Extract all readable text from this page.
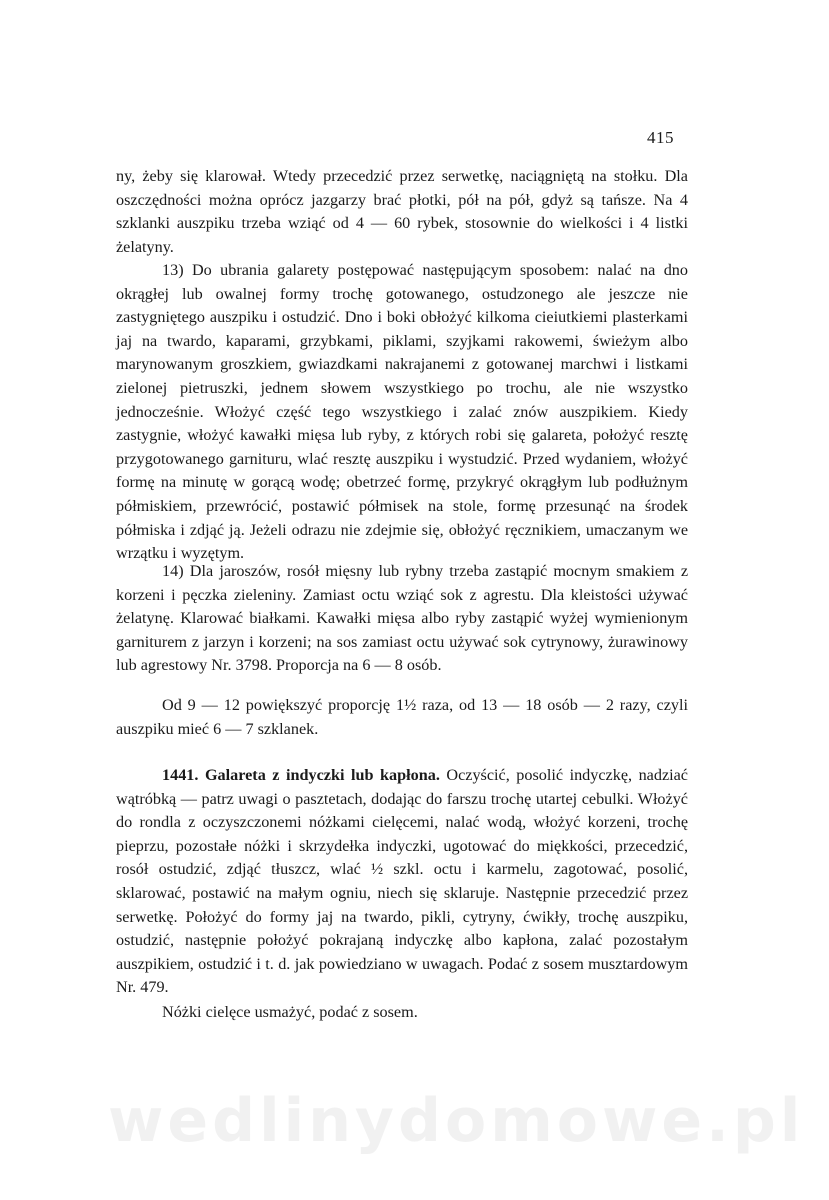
415

ny, żeby się klarował. Wtedy przecedzić przez serwetkę, naciągniętą na stołku. Dla oszczędności można oprócz jazgarzy brać płotki, pół na pół, gdyż są tańsze. Na 4 szklanki auszpiku trzeba wziąć od 4 — 60 rybek, stosownie do wielkości i 4 listki żelatyny.

13) Do ubrania galarety postępować następującym sposobem: nalać na dno okrągłej lub owalnej formy trochę gotowanego, ostudzonego ale jeszcze nie zastygniętego auszpiku i ostudzić. Dno i boki obłożyć kilkoma cieiutkiemi plasterkami jaj na twardo, kaparami, grzybkami, piklami, szyjkami rakowemi, świeżym albo marynowanym groszkiem, gwiazdkami nakrajanemi z gotowanej marchwi i listkami zielonej pietruszki, jednem słowem wszystkiego po trochu, ale nie wszystko jednocześnie. Włożyć część tego wszystkiego i zalać znów auszpikiem. Kiedy zastygnie, włożyć kawałki mięsa lub ryby, z których robi się galareta, położyć resztę przygotowanego garnituru, wlać resztę auszpiku i wystudzić. Przed wydaniem, włożyć formę na minutę w gorącą wodę; obetrzeć formę, przykryć okrągłym lub podłużnym półmiskiem, przewrócić, postawić półmisek na stole, formę przesunąć na środek półmiska i zdjąć ją. Jeżeli odrazu nie zdejmie się, obłożyć ręcznikiem, umaczanym we wrzątku i wyzętym.

14) Dla jaroszów, rosół mięsny lub rybny trzeba zastąpić mocnym smakiem z korzeni i pęczka zieleniny. Zamiast octu wziąć sok z agrestu. Dla kleistości używać żelatynę. Klarować białkami. Kawałki mięsa albo ryby zastąpić wyżej wymienionym garniturem z jarzyn i korzeni; na sos zamiast octu używać sok cytrynowy, żurawinowy lub agrestowy Nr. 3798. Proporcja na 6 — 8 osób.

Od 9 — 12 powiększyć proporcję 1½ raza, od 13 — 18 osób — 2 razy, czyli auszpiku mieć 6 — 7 szklanek.

1441. Galareta z indyczki lub kapłona. Oczyścić, posolić indyczkę, nadziać wątróbką — patrz uwagi o pasztetach, dodając do farszu trochę utartej cebulki. Włożyć do rondla z oczyszczonemi nóżkami cielęcemi, nalać wodą, włożyć korzeni, trochę pieprzu, pozostałe nóżki i skrzydełka indyczki, ugotować do miękkości, przecedzić, rosół ostudzić, zdjąć tłuszcz, wlać ½ szkl. octu i karmelu, zagotować, posolić, sklarować, postawić na małym ogniu, niech się sklaruje. Następnie przecedzić przez serwetkę. Położyć do formy jaj na twardo, pikli, cytryny, ćwikły, trochę auszpiku, ostudzić, następnie położyć pokrajaną indyczkę albo kapłona, zalać pozostałym auszpikiem, ostudzić i t. d. jak powiedziano w uwagach. Podać z sosem musztardowym Nr. 479.

Nóżki cielęce usmażyć, podać z sosem.

wedlinydomowe.pl
